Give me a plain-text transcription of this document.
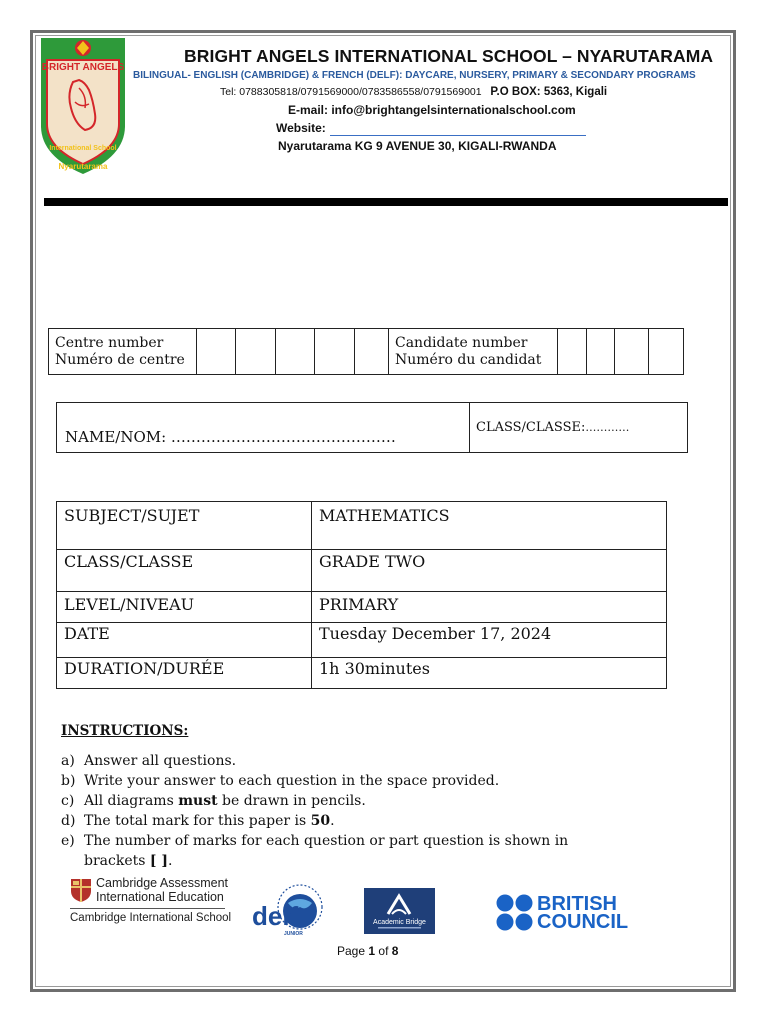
BRIGHT ANGELS
International School
Nyarutarama
BRIGHT ANGELS INTERNATIONAL SCHOOL – NYARUTARAMA
BILINGUAL- ENGLISH (CAMBRIDGE) & FRENCH (DELF): DAYCARE, NURSERY, PRIMARY & SECONDARY PROGRAMS
Tel: 0788305818/0791569000/0783586558/0791569001 P.O BOX: 5363, Kigali
E-mail: info@brightangelsinternationalschool.com
Website:
Nyarutarama KG 9 AVENUE 30, KIGALI-RWANDA
Centre number
Numéro de centre

Candidate number
Numéro du candidat

NAME/NOM: ………………………………………
CLASS/CLASSE:…………
SUBJECT/SUJET	MATHEMATICS
CLASS/CLASSE	GRADE TWO
LEVEL/NIVEAU	PRIMARY
DATE	Tuesday December 17, 2024
DURATION/DURÉE	1h 30minutes
INSTRUCTIONS:
a) Answer all questions.
b) Write your answer to each question in the space provided.
c) All diagrams must be drawn in pencils.
d) The total mark for this paper is 50.
e) The number of marks for each question or part question is shown in brackets [ ].
Cambridge Assessment
International Education
Cambridge International School delf
JUNIOR
Academic Bridge
BRITISH
COUNCIL
Page 1 of 8
